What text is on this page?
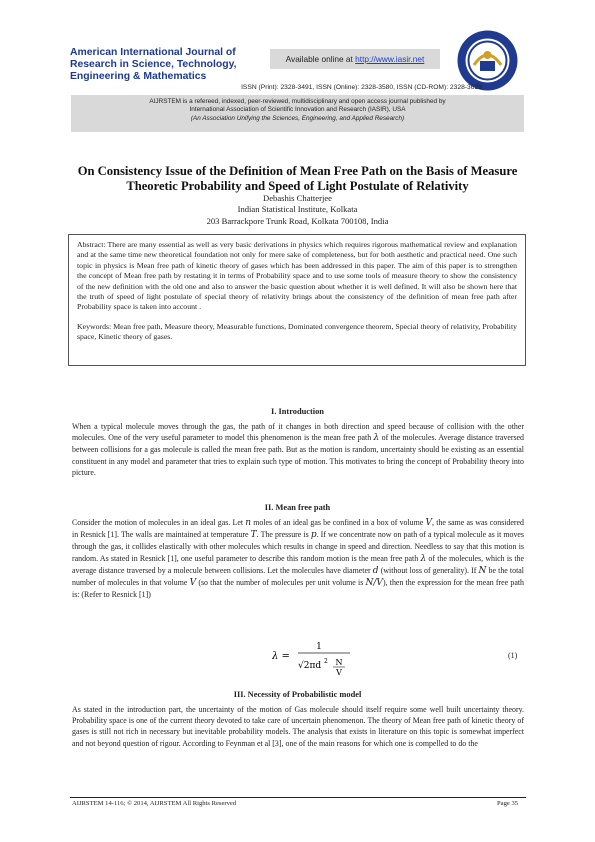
American International Journal of Research in Science, Technology, Engineering & Mathematics
Available online at http://www.iasir.net
ISSN (Print): 2328-3491, ISSN (Online): 2328-3580, ISSN (CD-ROM): 2328-3629
AIJRSTEM is a refereed, indexed, peer-reviewed, multidisciplinary and open access journal published by
International Association of Scientific Innovation and Research (IASIR), USA
(An Association Unifying the Sciences, Engineering, and Applied Research)
On Consistency Issue of the Definition of Mean Free Path on the Basis of Measure Theoretic Probability and Speed of Light Postulate of Relativity
Debashis Chatterjee
Indian Statistical Institute, Kolkata
203 Barrackpore Trunk Road, Kolkata 700108, India

Abstract: There are many essential as well as very basic derivations in physics which requires rigorous mathematical review and explanation and at the same time new theoretical foundation not only for mere sake of completeness, but for both aesthetic and practical need. One such topic in physics is Mean free path of kinetic theory of gases which has been addressed in this paper. The aim of this paper is to strengthen the concept of Mean free path by restating it in terms of Probability space and to use some tools of measure theory to show the consistency of the new definition with the old one and also to answer the basic question about whether it is well defined. It will also be shown here that the truth of speed of light postulate of special theory of relativity brings about the consistency of the definition of mean free path after Probability space is taken into account .

Keywords: Mean free path, Measure theory, Measurable functions, Dominated convergence theorem, Special theory of relativity, Probability space, Kinetic theory of gases.

I. Introduction

When a typical molecule moves through the gas, the path of it changes in both direction and speed because of collision with the other molecules. One of the very useful parameter to model this phenomenon is the mean free path λ of the molecules. Average distance traversed between collisions for a gas molecule is called the mean free path. But as the motion is random, uncertainty should be existing as an essential constituent in any model and parameter that tries to explain such type of motion. This motivates to bring the concept of Probability theory into picture.

II. Mean free path

Consider the motion of molecules in an ideal gas. Let n moles of an ideal gas be confined in a box of volume V, the same as was considered in Resnick [1]. The walls are maintained at temperature T. The pressure is p. If we concentrate now on path of a typical molecule as it moves through the gas, it collides elastically with other molecules which results in change in speed and direction. Needless to say that this motion is random. As stated in Resnick [1], one useful parameter to describe this random motion is the mean free path λ of the molecules, which is the average distance traversed by a molecule between collisions. Let the molecules have diameter d (without loss of generality). If N be the total number of molecules in that volume V (so that the number of molecules per unit volume is N/V), then the expression for the mean free path is: (Refer to Resnick [1])

λ =
1
√2πd 2 N
V
(1)
III. Necessity of Probabilistic model

As stated in the introduction part, the uncertainty of the motion of Gas molecule should itself require some well built uncertainty theory. Probability space is one of the current theory devoted to take care of uncertain phenomenon. The theory of Mean free path of kinetic theory of gases is still not rich in necessary but inevitable probability models. The analysis that exists in literature on this topic is somewhat imperfect and not beyond question of rigour. According to Feynman et al [3], one of the main reasons for which one is compelled to do the

AIJRSTEM 14-116; © 2014, AIJRSTEM All Rights Reserved	Page 35
